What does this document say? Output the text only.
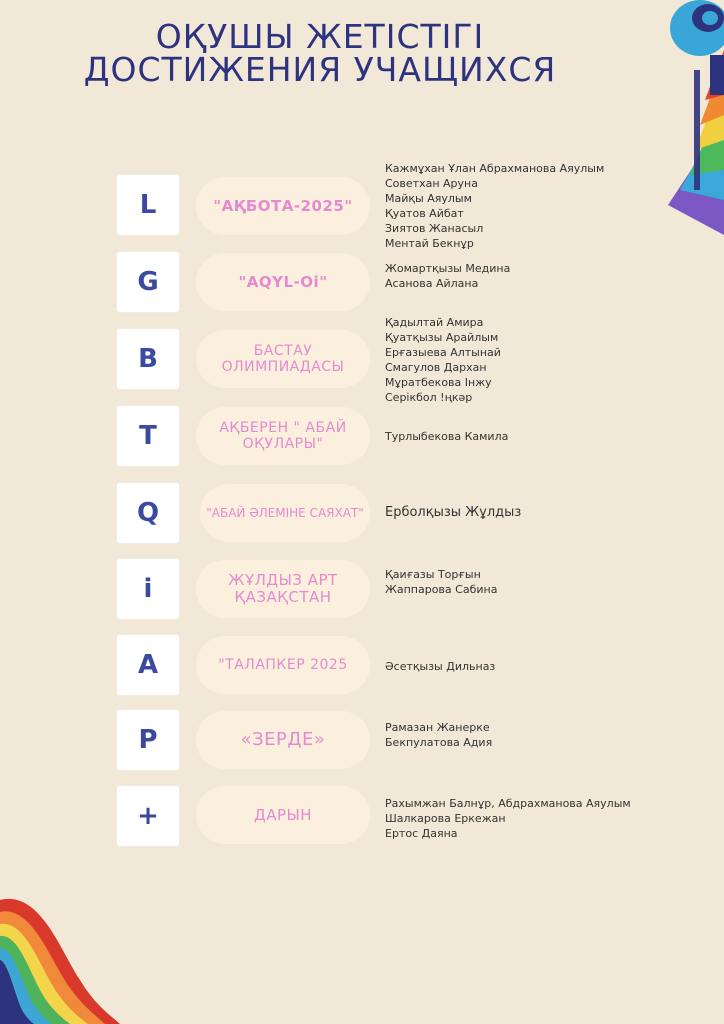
ОҚУШЫ ЖЕТІСТІГІ
ДОСТИЖЕНИЯ УЧАЩИХСЯ
L	"АҚБОТА-2025"
Кажмұхан Ұлан Абрахманова Аяулым
Советхан Аруна
Майқы Аяулым
Қуатов Айбат
Зиятов Жанасыл
Ментай Бекнұр
G	"AQYL-Oi"
Жомартқызы Медина
Асанова Айлана
B	БАСТАУ ОЛИМПИАДАСЫ
Қадылтай Амира
Қуатқызы Арайлым
Ерғазыева Алтынай
Смагулов Дархан
Мұратбекова Інжу
Серікбол !ңкәр
T	АҚБЕРЕН " АБАЙ ОҚУЛАРЫ"	Турлыбекова Камила
Q	"АБАЙ ӘЛЕМІНЕ САЯХАТ"	Ерболқызы Жұлдыз
i	ЖҰЛДЫЗ АРТ ҚАЗАҚСТАН
Қаиғазы Торғын
Жаппарова Сабина
A	"ТАЛАПКЕР 2025	Әсетқызы Дильназ
P	«ЗЕРДЕ»
Рамазан Жанерке
Бекпулатова Адия
+	ДАРЫН
Рахымжан Балнұр, Абдрахманова Аяулым
Шалкарова Еркежан
Ертос Даяна
